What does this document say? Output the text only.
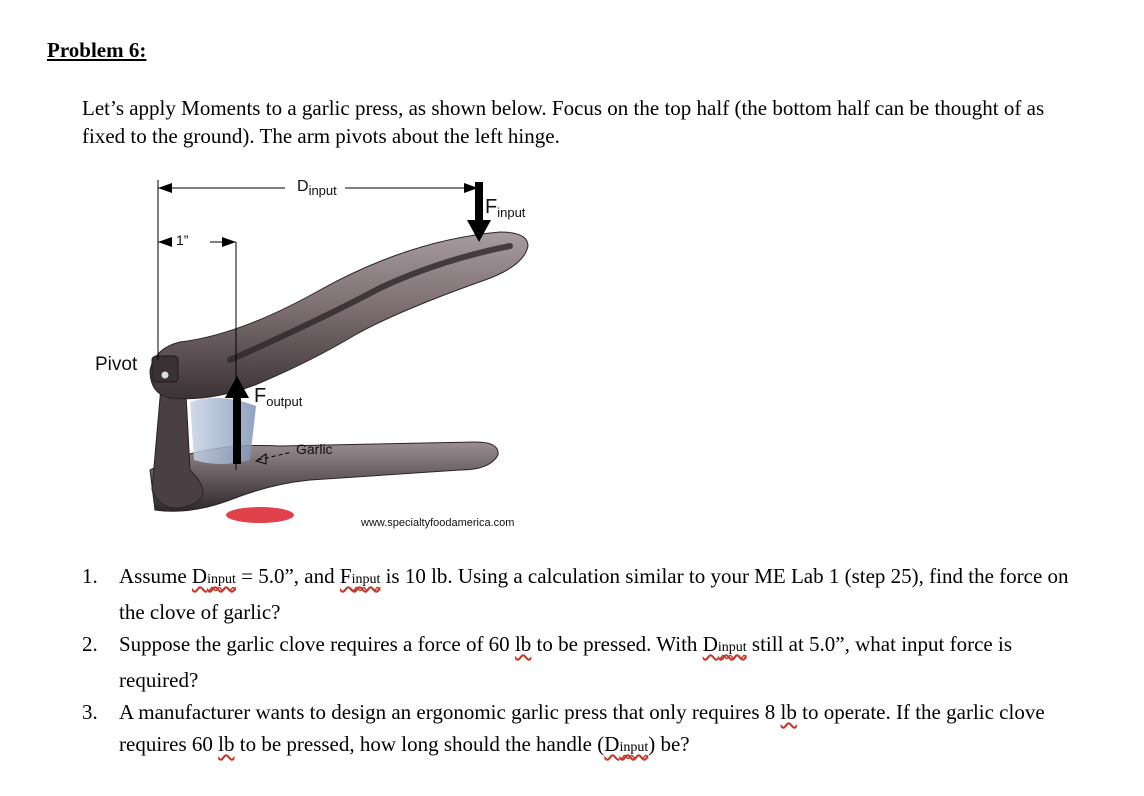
Problem 6:

Let’s apply Moments to a garlic press, as shown below. Focus on the top half (the bottom half can be thought of as fixed to the ground). The arm pivots about the left hinge.

$D_{input}$
$F_{input}$
1”
Pivot
$F_{output}$
Garlic
www.specialtyfoodamerica.com
1.	Assume Dinput = 5.0”, and Finput is 10 lb. Using a calculation similar to your ME Lab 1 (step 25), find the force on the clove of garlic?
2.	Suppose the garlic clove requires a force of 60 lb to be pressed. With Dinput still at 5.0”, what input force is required?
3.	A manufacturer wants to design an ergonomic garlic press that only requires 8 lb to operate. If the garlic clove requires 60 lb to be pressed, how long should the handle (Dinput) be?
